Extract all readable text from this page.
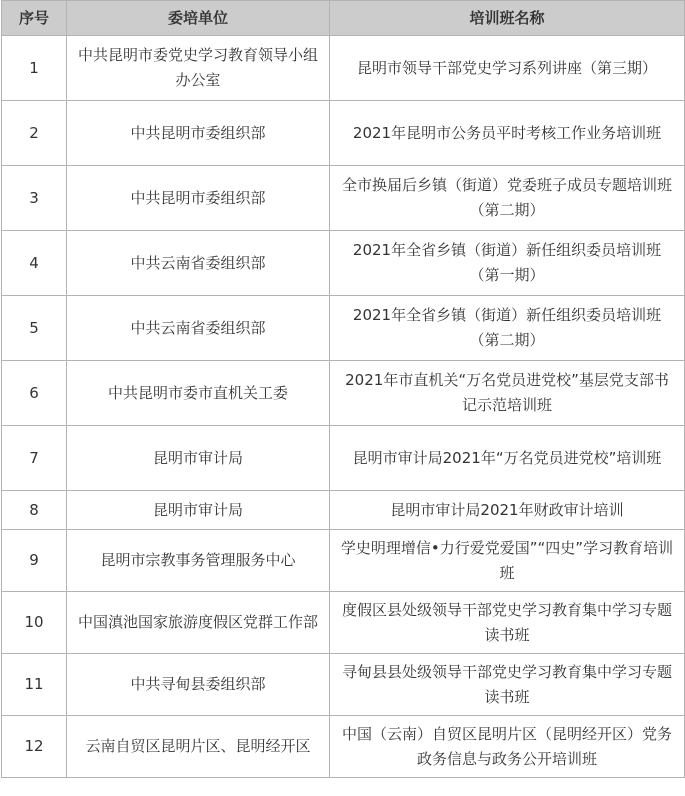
序号	委培单位	培训班名称
1	中共昆明市委党史学习教育领导小组办公室	昆明市领导干部党史学习系列讲座（第三期）
2	中共昆明市委组织部	2021年昆明市公务员平时考核工作业务培训班
3	中共昆明市委组织部	全市换届后乡镇（街道）党委班子成员专题培训班（第二期）
4	中共云南省委组织部	2021年全省乡镇（街道）新任组织委员培训班（第一期）
5	中共云南省委组织部	2021年全省乡镇（街道）新任组织委员培训班（第二期）
6	中共昆明市委市直机关工委	2021年市直机关“万名党员进党校”基层党支部书记示范培训班
7	昆明市审计局	昆明市审计局2021年“万名党员进党校”培训班
8	昆明市审计局	昆明市审计局2021年财政审计培训
9	昆明市宗教事务管理服务中心	学史明理增信•力行爱党爱国”“四史”学习教育培训班
10	中国滇池国家旅游度假区党群工作部	度假区县处级领导干部党史学习教育集中学习专题读书班
11	中共寻甸县委组织部	寻甸县县处级领导干部党史学习教育集中学习专题读书班
12	云南自贸区昆明片区、昆明经开区	中国（云南）自贸区昆明片区（昆明经开区）党务政务信息与政务公开培训班
